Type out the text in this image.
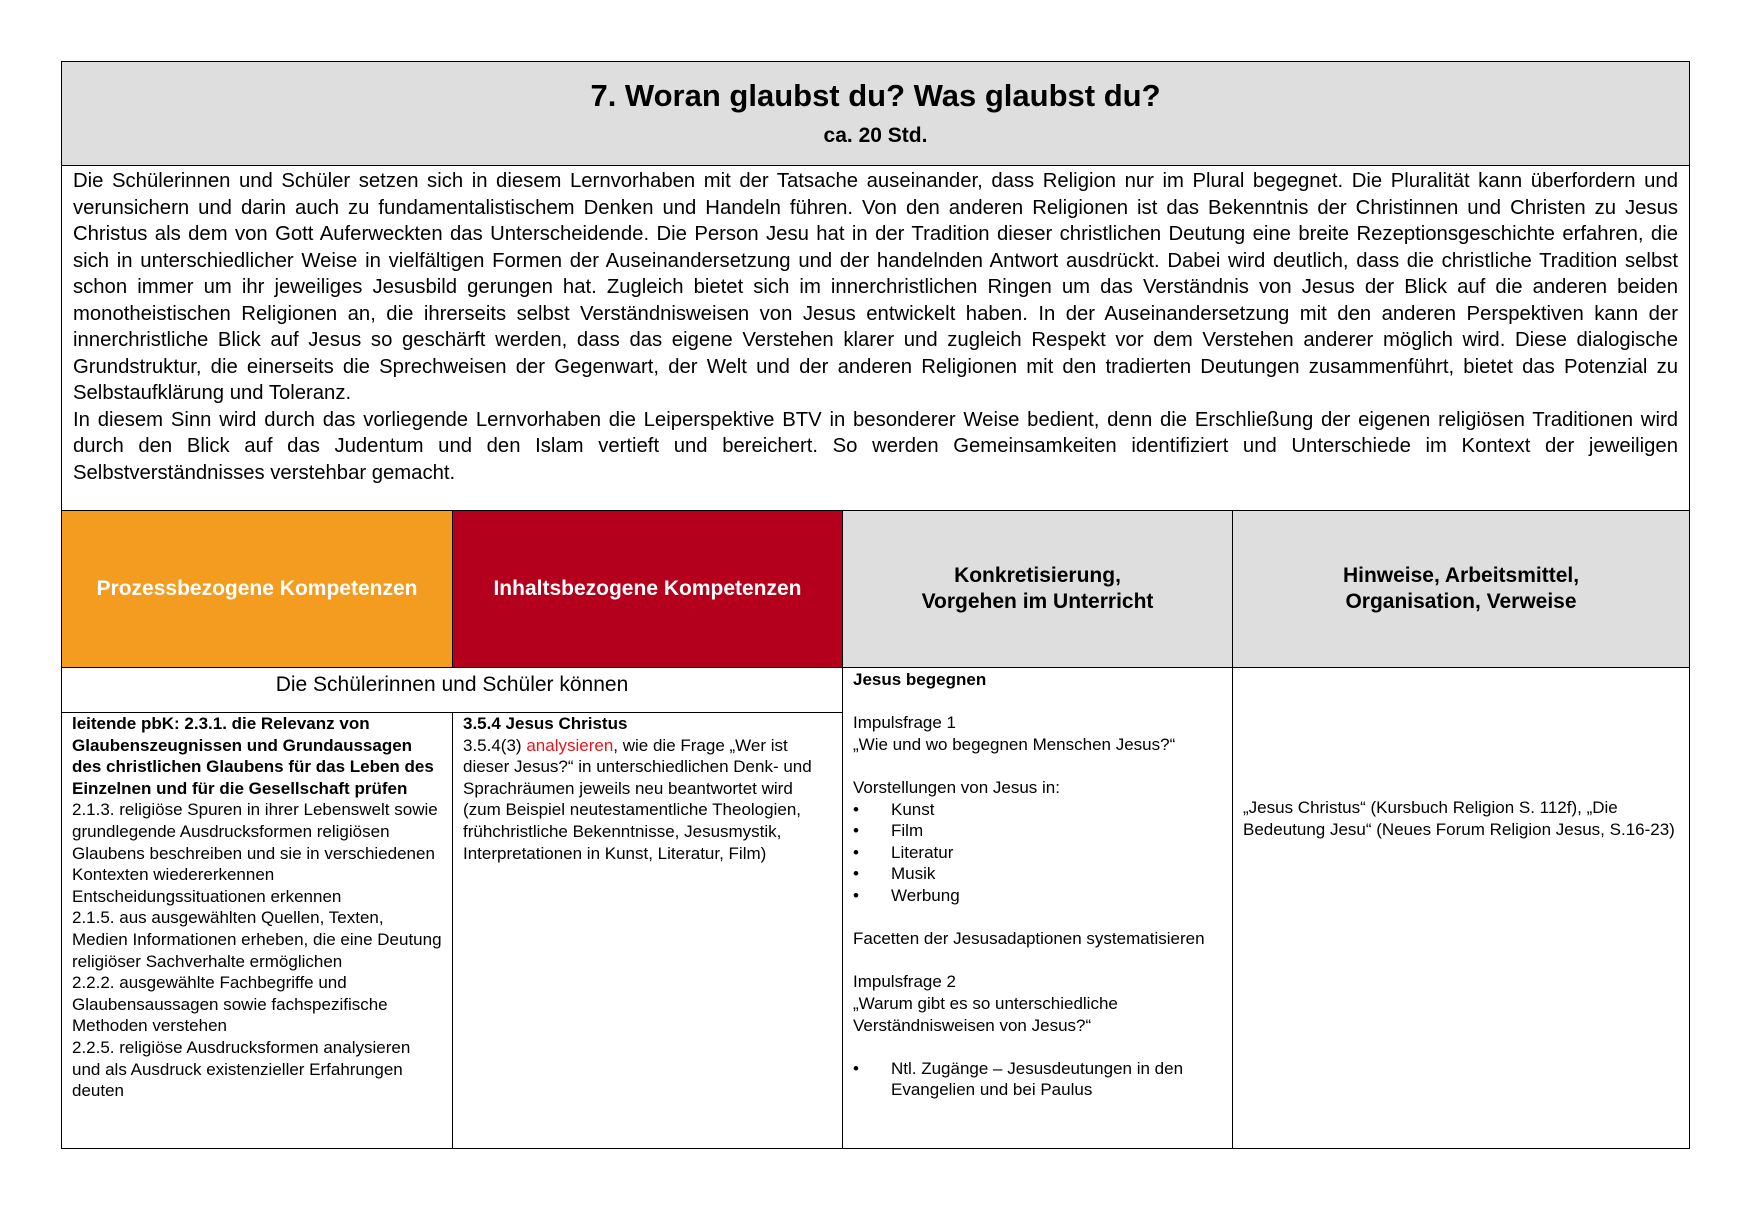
7. Woran glaubst du? Was glaubst du?
ca. 20 Std.

Die Schülerinnen und Schüler setzen sich in diesem Lernvorhaben mit der Tatsache auseinander, dass Religion nur im Plural begegnet. Die Pluralität kann überfordern und verunsichern und darin auch zu fundamentalistischem Denken und Handeln führen. Von den anderen Religionen ist das Bekenntnis der Christinnen und Christen zu Jesus Christus als dem von Gott Auferweckten das Unterscheidende. Die Person Jesu hat in der Tradition dieser christlichen Deutung eine breite Rezeptionsgeschichte erfahren, die sich in unterschiedlicher Weise in vielfältigen Formen der Auseinandersetzung und der handelnden Antwort ausdrückt. Dabei wird deutlich, dass die christliche Tradition selbst schon immer um ihr jeweiliges Jesusbild gerungen hat. Zugleich bietet sich im innerchristlichen Ringen um das Verständnis von Jesus der Blick auf die anderen beiden monotheistischen Religionen an, die ihrerseits selbst Verständnisweisen von Jesus entwickelt haben. In der Auseinandersetzung mit den anderen Perspektiven kann der innerchristliche Blick auf Jesus so geschärft werden, dass das eigene Verstehen klarer und zugleich Respekt vor dem Verstehen anderer möglich wird. Diese dialogische Grundstruktur, die einerseits die Sprechweisen der Gegenwart, der Welt und der anderen Religionen mit den tradierten Deutungen zusammenführt, bietet das Potenzial zu Selbstaufklärung und Toleranz.

In diesem Sinn wird durch das vorliegende Lernvorhaben die Leiperspektive BTV in besonderer Weise bedient, denn die Erschließung der eigenen religiösen Traditionen wird durch den Blick auf das Judentum und den Islam vertieft und bereichert. So werden Gemeinsamkeiten identifiziert und Unterschiede im Kontext der jeweiligen Selbstverständnisses verstehbar gemacht.

Prozessbezogene Kompetenzen	Inhaltsbezogene Kompetenzen
Konkretisierung,
Vorgehen im Unterricht
Hinweise, Arbeitsmittel,
Organisation, Verweise
Die Schülerinnen und Schüler können
leitende pbK: 2.3.1. die Relevanz von Glaubenszeugnissen und Grundaussagen des christlichen Glaubens für das Leben des Einzelnen und für die Gesellschaft prüfen
2.1.3. religiöse Spuren in ihrer Lebenswelt sowie grundlegende Ausdrucksformen religiösen Glaubens beschreiben und sie in verschiedenen Kontexten wiedererkennen Entscheidungssituationen erkennen
2.1.5. aus ausgewählten Quellen, Texten, Medien Informationen erheben, die eine Deutung religiöser Sachverhalte ermöglichen
2.2.2. ausgewählte Fachbegriffe und Glaubensaussagen sowie fachspezifische Methoden verstehen
2.2.5. religiöse Ausdrucksformen analysieren und als Ausdruck existenzieller Erfahrungen deuten
3.5.4 Jesus Christus
3.5.4(3) analysieren, wie die Frage „Wer ist dieser Jesus?“ in unterschiedlichen Denk- und Sprachräumen jeweils neu beantwortet wird (zum Beispiel neutestamentliche Theologien, frühchristliche Bekenntnisse, Jesusmystik, Interpretationen in Kunst, Literatur, Film)
Jesus begegnen
Impulsfrage 1
„Wie und wo begegnen Menschen Jesus?“
Vorstellungen von Jesus in:
• Kunst
• Film
• Literatur
• Musik
• Werbung
Facetten der Jesusadaptionen systematisieren
Impulsfrage 2
„Warum gibt es so unterschiedliche Verständnisweisen von Jesus?“
• Ntl. Zugänge – Jesusdeutungen in den Evangelien und bei Paulus
„Jesus Christus“ (Kursbuch Religion S. 112f), „Die Bedeutung Jesu“ (Neues Forum Religion Jesus, S.16-23)
